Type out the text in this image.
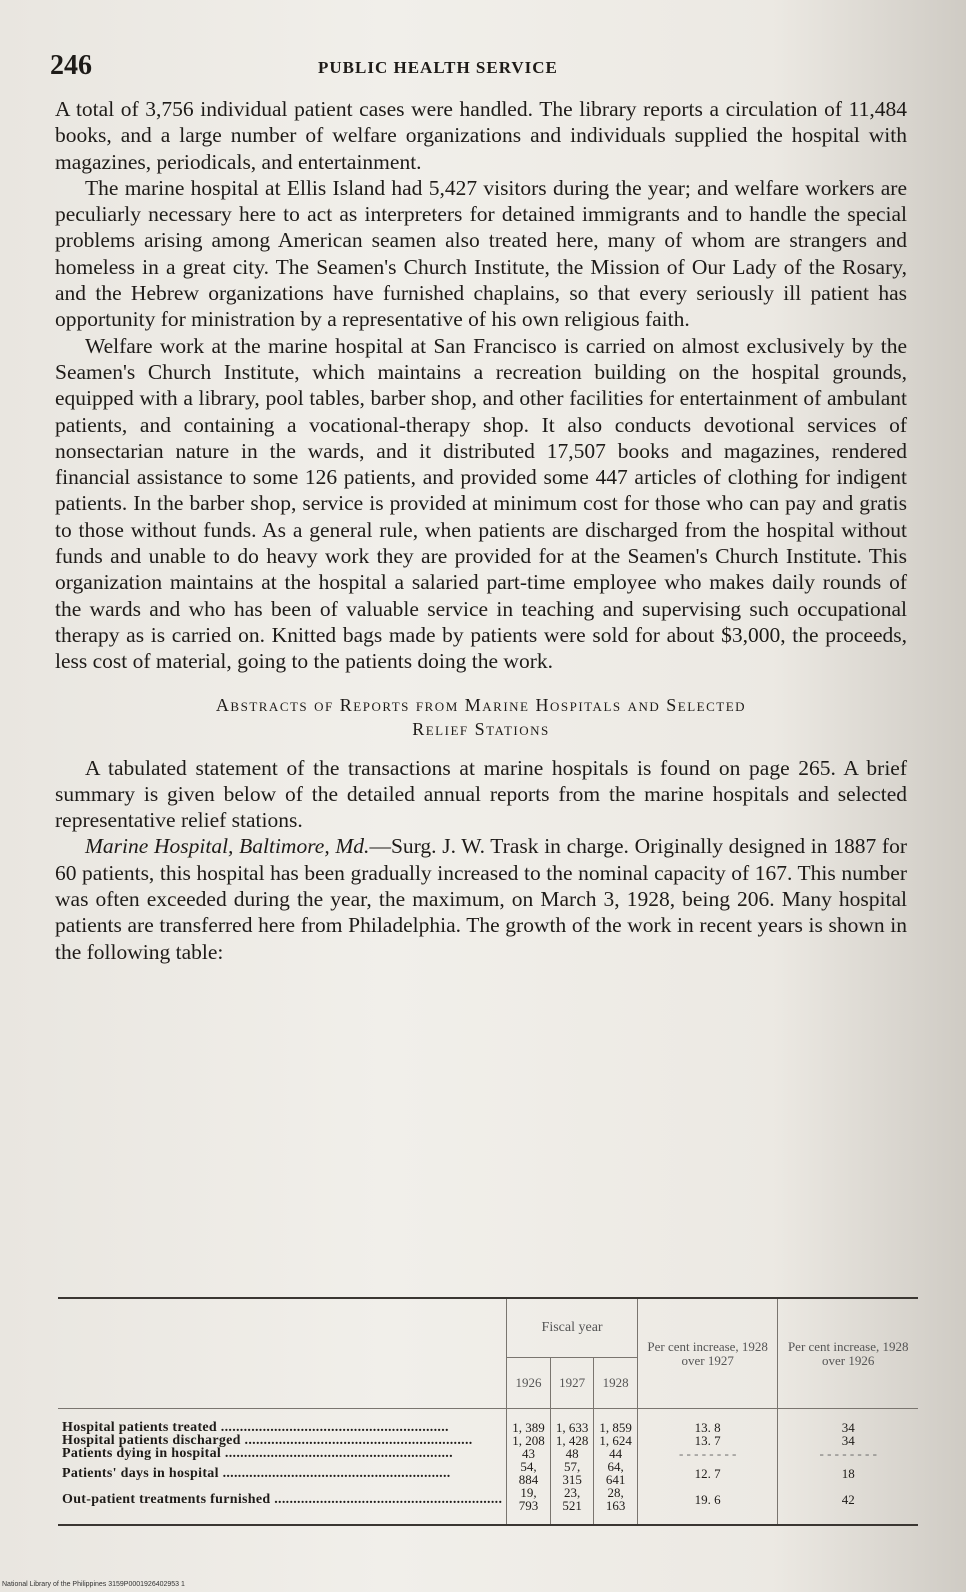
246	PUBLIC HEALTH SERVICE

A total of 3,756 individual patient cases were handled. The library reports a circulation of 11,484 books, and a large number of welfare organizations and individuals supplied the hospital with magazines, periodicals, and entertainment.

The marine hospital at Ellis Island had 5,427 visitors during the year; and welfare workers are peculiarly necessary here to act as interpreters for detained immigrants and to handle the special problems arising among American seamen also treated here, many of whom are strangers and homeless in a great city. The Seamen's Church Institute, the Mission of Our Lady of the Rosary, and the Hebrew organizations have furnished chaplains, so that every seriously ill patient has opportunity for ministration by a representative of his own religious faith.

Welfare work at the marine hospital at San Francisco is carried on almost exclusively by the Seamen's Church Institute, which maintains a recreation building on the hospital grounds, equipped with a library, pool tables, barber shop, and other facilities for entertainment of ambulant patients, and containing a vocational-therapy shop. It also conducts devotional services of nonsectarian nature in the wards, and it distributed 17,507 books and magazines, rendered financial assistance to some 126 patients, and provided some 447 articles of clothing for indigent patients. In the barber shop, service is provided at minimum cost for those who can pay and gratis to those without funds. As a general rule, when patients are discharged from the hospital without funds and unable to do heavy work they are provided for at the Seamen's Church Institute. This organization maintains at the hospital a salaried part-time employee who makes daily rounds of the wards and who has been of valuable service in teaching and supervising such occupational therapy as is carried on. Knitted bags made by patients were sold for about $3,000, the proceeds, less cost of material, going to the patients doing the work.

Abstracts of Reports from Marine Hospitals and Selected
Relief Stations

A tabulated statement of the transactions at marine hospitals is found on page 265. A brief summary is given below of the detailed annual reports from the marine hospitals and selected representative relief stations.

Marine Hospital, Baltimore, Md.—Surg. J. W. Trask in charge. Originally designed in 1887 for 60 patients, this hospital has been gradually increased to the nominal capacity of 167. This number was often exceeded during the year, the maximum, on March 3, 1928, being 206. Many hospital patients are transferred here from Philadelphia. The growth of the work in recent years is shown in the following table:

	Fiscal year			Per cent increase, 1928 over 1927	Per cent increase, 1928 over 1926
	1926	1927	1928		
Hospital patients treated ............................................................	1, 389	1, 633	1, 859	13. 8	34
Hospital patients discharged ............................................................	1, 208	1, 428	1, 624	13. 7	34
Patients dying in hospital ............................................................	43	48	44	- - - - - - - -	- - - - - - - -
Patients' days in hospital ............................................................	54, 884	57, 315	64, 641	12. 7	18
Out-patient treatments furnished ............................................................	19, 793	23, 521	28, 163	19. 6	42
National Library of the Philippines 3159P0001926402953 1
